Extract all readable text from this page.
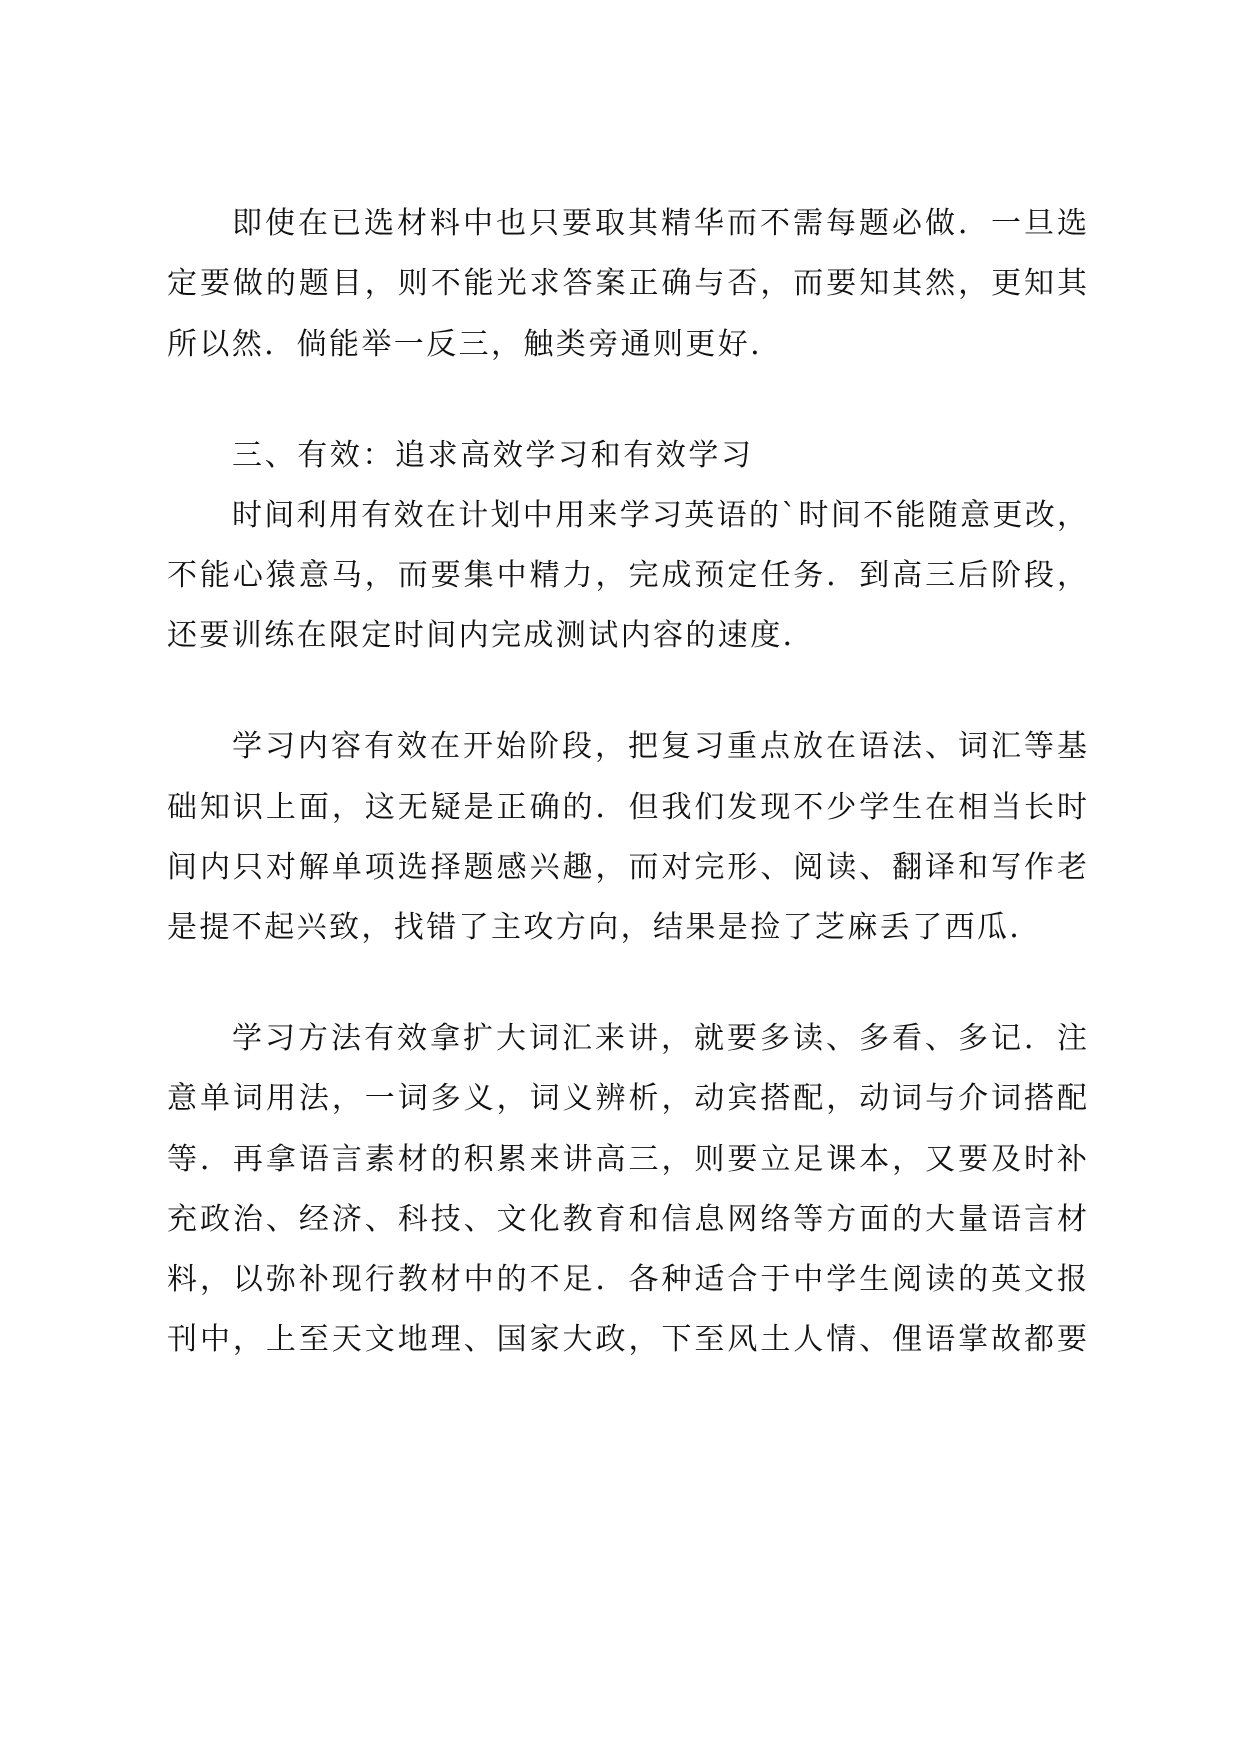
即使在已选材料中也只要取其精华而不需每题必做．一旦选
定要做的题目，则不能光求答案正确与否，而要知其然，更知其
所以然．倘能举一反三，触类旁通则更好．
三、有效：追求高效学习和有效学习
时间利用有效在计划中用来学习英语的`时间不能随意更改，
不能心猿意马，而要集中精力，完成预定任务．到高三后阶段，
还要训练在限定时间内完成测试内容的速度．
学习内容有效在开始阶段，把复习重点放在语法、词汇等基
础知识上面，这无疑是正确的．但我们发现不少学生在相当长时
间内只对解单项选择题感兴趣，而对完形、阅读、翻译和写作老
是提不起兴致，找错了主攻方向，结果是捡了芝麻丢了西瓜．
学习方法有效拿扩大词汇来讲，就要多读、多看、多记．注
意单词用法，一词多义，词义辨析，动宾搭配，动词与介词搭配
等．再拿语言素材的积累来讲高三，则要立足课本，又要及时补
充政治、经济、科技、文化教育和信息网络等方面的大量语言材
料，以弥补现行教材中的不足．各种适合于中学生阅读的英文报
刊中，上至天文地理、国家大政，下至风土人情、俚语掌故都要
